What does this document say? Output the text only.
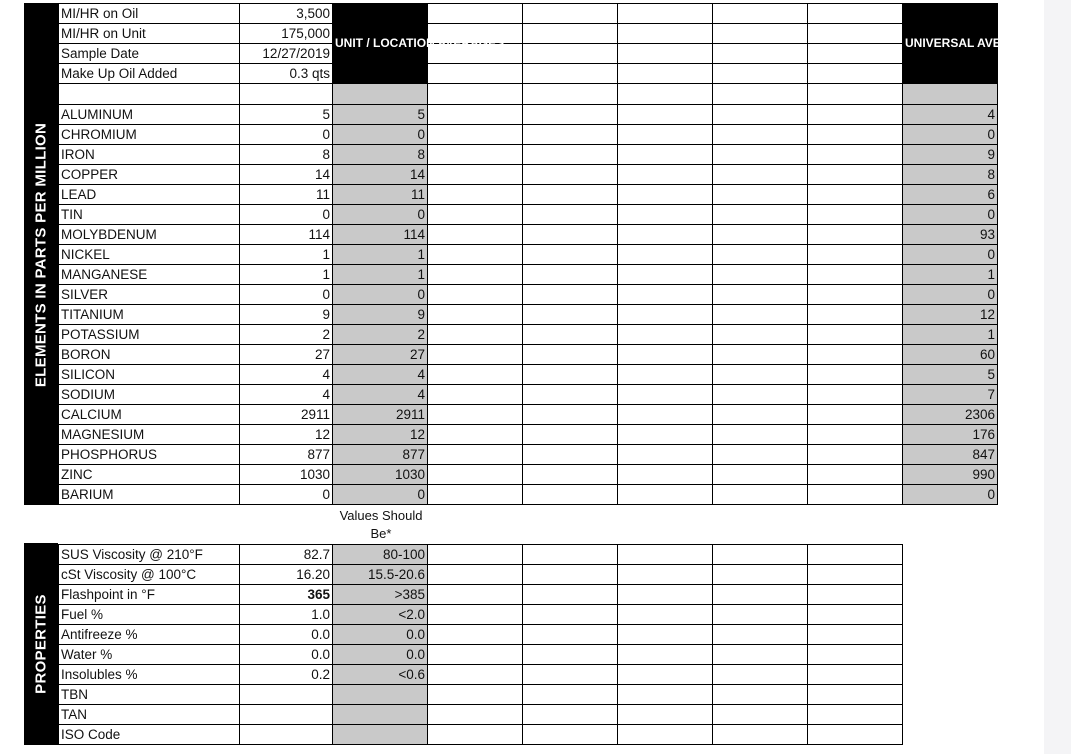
ELEMENTS IN PARTS PER MILLION
PROPERTIES
MI/HR on Oil	3,500	UNIT / LOCATION AVERAGES						UNIVERSAL AVERAGES
MI/HR on Unit	175,000							
Sample Date	12/27/2019							
Make Up Oil Added	0.3 qts							

ALUMINUM	5	5						4
CHROMIUM	0	0						0
IRON	8	8						9
COPPER	14	14						8
LEAD	11	11						6
TIN	0	0						0
MOLYBDENUM	114	114						93
NICKEL	1	1						0
MANGANESE	1	1						1
SILVER	0	0						0
TITANIUM	9	9						12
POTASSIUM	2	2						1
BORON	27	27						60
SILICON	4	4						5
SODIUM	4	4						7
CALCIUM	2911	2911						2306
MAGNESIUM	12	12						176
PHOSPHORUS	877	877						847
ZINC	1030	1030						990
BARIUM	0	0						0
Values Should Be*
SUS Viscosity @ 210°F	82.7	80-100					
cSt Viscosity @ 100°C	16.20	15.5-20.6					
Flashpoint in °F	365	>385					
Fuel %	1.0	<2.0					
Antifreeze %	0.0	0.0					
Water %	0.0	0.0					
Insolubles %	0.2	<0.6					
TBN							
TAN							
ISO Code							
